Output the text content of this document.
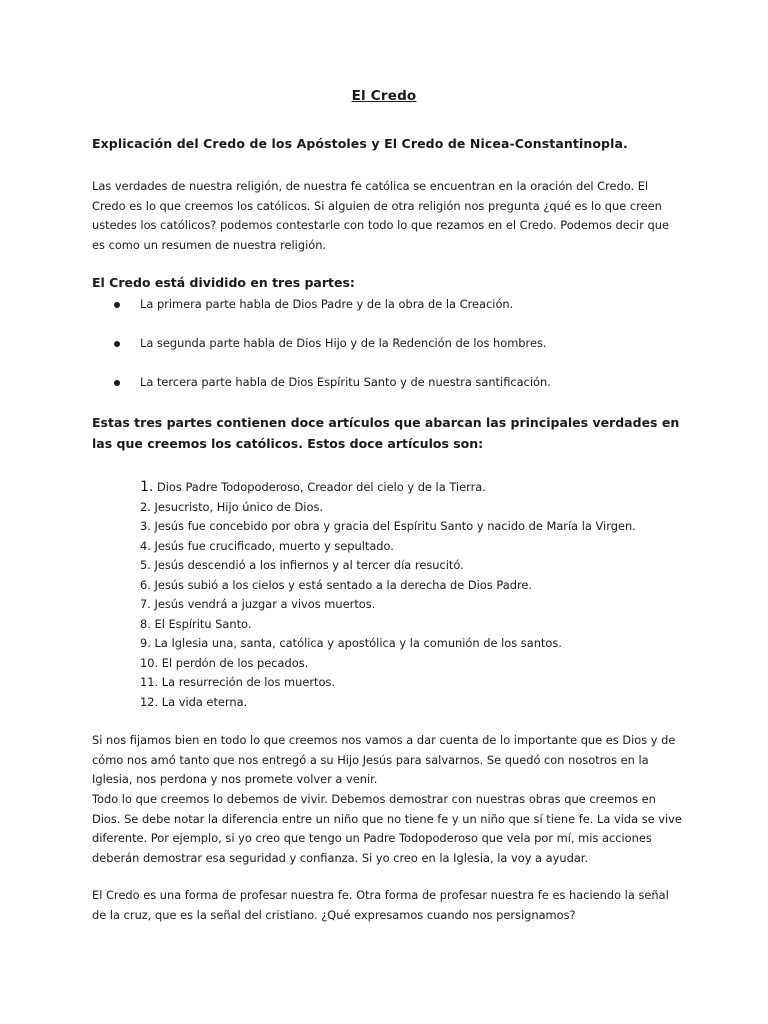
El Credo
Explicación del Credo de los Apóstoles y El Credo de Nicea-Constantinopla.
Las verdades de nuestra religión, de nuestra fe católica se encuentran en la oración del Credo. El Credo es lo que creemos los católicos. Si alguien de otra religión nos pregunta ¿qué es lo que creen ustedes los católicos? podemos contestarle con todo lo que rezamos en el Credo. Podemos decir que es como un resumen de nuestra religión.
El Credo está dividido en tres partes:
La primera parte habla de Dios Padre y de la obra de la Creación.
La segunda parte habla de Dios Hijo y de la Redención de los hombres.
La tercera parte habla de Dios Espíritu Santo y de nuestra santificación.
Estas tres partes contienen doce artículos que abarcan las principales verdades en las que creemos los católicos. Estos doce artículos son:
1. Dios Padre Todopoderoso, Creador del cielo y de la Tierra.
2. Jesucristo, Hijo único de Dios.
3. Jesús fue concebido por obra y gracia del Espíritu Santo y nacido de María la Virgen.
4. Jesús fue crucificado, muerto y sepultado.
5. Jesús descendió a los infiernos y al tercer día resucitó.
6. Jesús subió a los cielos y está sentado a la derecha de Dios Padre.
7. Jesús vendrá a juzgar a vivos muertos.
8. El Espíritu Santo.
9. La Iglesia una, santa, católica y apostólica y la comunión de los santos.
10. El perdón de los pecados.
11. La resurreción de los muertos.
12. La vida eterna.
Si nos fijamos bien en todo lo que creemos nos vamos a dar cuenta de lo importante que es Dios y de cómo nos amó tanto que nos entregó a su Hijo Jesús para salvarnos. Se quedó con nosotros en la Iglesia, nos perdona y nos promete volver a venir.
Todo lo que creemos lo debemos de vivir. Debemos demostrar con nuestras obras que creemos en Dios. Se debe notar la diferencia entre un niño que no tiene fe y un niño que sí tiene fe. La vida se vive diferente. Por ejemplo, si yo creo que tengo un Padre Todopoderoso que vela por mí, mis acciones deberán demostrar esa seguridad y confianza. Si yo creo en la Iglesia, la voy a ayudar.
El Credo es una forma de profesar nuestra fe. Otra forma de profesar nuestra fe es haciendo la señal de la cruz, que es la señal del cristiano. ¿Qué expresamos cuando nos persignamos?
